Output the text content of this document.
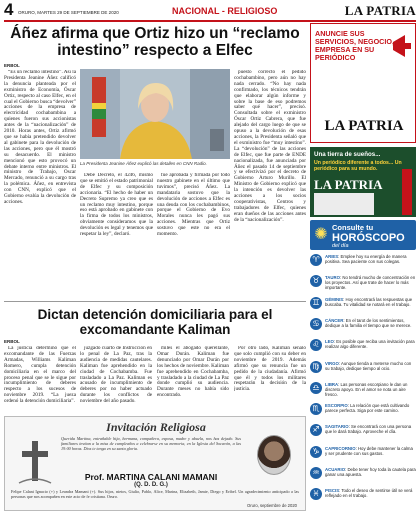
4 ORURO, MARTES 29 DE SEPTIEMBRE DE 2020	NACIONAL - RELIGIOSO	LA PATRIA
Áñez afirma que Ortiz hizo un “reclamo intestino” respecto a Elfec
ERBOL

“Es un reclamo intestino”. Así la Presidenta Jeanine Áñez calificó la denuncia planteada por el exministro de Economía, Óscar Ortiz, respecto al caso Elfec, en el cual el Gobierno busca “devolver” acciones de la empresa de electricidad cochabambina a quienes fueron sus accionistas antes de la “nacionalización” de 2010. Horas antes, Ortiz afirmó que se había pretendido devolver al gabinete para la devolución de las acciones, pero que él mostró su desacuerdo. El ministro mencionó que esto provocó un debate interno entre ministros. El ministro de Trabajo, Oscar Mercado, renunció a su cargo tras la polémica. Áñez, en entrevista con CNN, explicó que el Gobierno evalúa la devolución de acciones.

La Presidenta Jeanine Áñez explicó las detalles en CNN Radio.

Debe Decreto, el 4246, mismo que se emitió el estado patrimonial de Elfec y su composición accionaria. “El hecho de haber un Decreto Supremo ya creo que es un reclamo muy intestino, porque eso está aprobado en gabinete con la firma de todos los ministros, obviamente consideramos que la devolución es legal y tenemos que respetar la ley”, declaró.

fue aprobada y firmada por todo nuestro gabinete en el último que tuvimos”, precisó Áñez. La mandataria sostuvo que la devolución de acciones a Elfec es una deuda con los cochabambinos, porque el Gobierno de Evo Morales nunca les pagó sus acciones. Mientras que Ortiz sostuvo que este no era el momento.

puesto correcto el pedido cochabambino, pero aún no hay nada cerrado. “No hay nada confirmado, los técnicos tendrán que elaborar algún informe y sobre la base de eso podremos saber qué hacer”, precisó. Consultada sobre el exministro Óscar Ortiz Cabrera, que fue alejado del cargo luego de que se opuso a la devolución de esas acciones, la Presidenta señaló que el exministro fue “muy intestino”. La “devolución” de las acciones de Elfec, que fue parte de ENDE nacionalizada, fue anunciada por Áñez el pasado 14 de septiembre y se efectivizó por el decreto de Gobierno Arturo Murillo. El Ministro de Gobierno explicó que la intención es devolver las acciones a los socios cooperativistas, Centros y trabajadores de Elfec, quienes eran dueños de las acciones antes de la “nacionalización”.

Dictan detención domiciliaria para el excomandante Kaliman
ERBOL

La justicia determinó que el excomandante de las Fuerzas Armadas, Williams Kaliman Romero, cumpla detención domiciliaria en el marco del proceso penal que se le sigue por incumplimiento de deberes respecto a los sucesos de noviembre 2019. “La jueza ordenó la detención domiciliaria”.

juzgado cuarto de Instrucción en lo penal de La Paz, tras la audiencia de medidas cautelares. Kaliman fue aprehendido en la ciudad de Cochabamba. Fue trasladado a La Paz. Kaliman es acusado de incumplimiento de deberes por no haber actuado durante los conflictos de noviembre del año pasado.

miles el abogado querellante, Omar Durán. Kaliman fue denunciado por Omar Durán por los hechos de noviembre. Kaliman fue aprehendido en Cochabamba, y trasladado a la ciudad de La Paz donde cumplió su audiencia. Durante meses no había sido encontrado.

Por otro lado, Kaliman señaló que solo cumplió con su deber en noviembre de 2019. Además afirmó que su renuncia fue un pedido de la ciudadanía. Afirmó que él y todos los militares respetarán la decisión de la justicia.

Invitación Religiosa
Querida Martina, entrañable hija, hermana, compañera, esposa, madre y abuela, nos has dejado. Sus familiares invitan a la misa de cumpleaños a celebrarse en su memoria, en la Iglesia del Socavón, a las 19:00 horas. Dios te tenga en su santa gloria.
Prof. MARTINA CALANI MAMANI
(Q. D. D. G.)
Felipe Calani Ignacio (+) y Leandra Mamani (+). Sus hijos, nietos, Giulio, Pablo, Alice, Marina, Elizabeth, Jamie, Diego y Eribel. Un agradecimiento anticipado a las personas que nos acompañen en este acto de fe cristiana. Oruro.
Oruro, septiembre de 2020
ANUNCIE SUS SERVICIOS, NEGOCIO, EMPRESA EN SU PERIÓDICO
LA PATRIA
Una tierra de sueños...
Un periódico diferente a todos... Un periódico para su mundo.
LA PATRIA
✺ Consulte tu
HORÓSCOPO
del día
♈	ARIES: Emplee hoy su energía de manera positiva. Sea paciente con sus colegas.
♉	TAURO: No tendrá mucho de concentración en los proyectos. Así que trate de hacer lo más importante.
♊	GÉMINIS: Hoy encontrará las respuestas que buscaba. Tu vitalidad se notará en el trabajo.
♋	CÁNCER: En el tarot de los sentimientos, dedique a la familia el tiempo que se merece.
♌	LEO: Es posible que reciba una invitación para realizar algo diferente.
♍	VIRGO: Aunque tienda a meterse mucho con su trabajo, dedique tiempo al ocio.
♎	LIBRA: Las personas escorpiano le dan un discreto apoyo. En el amor se nota un aire fresco.
♏	ESCORPIO: La relación que está cultivando parece perfecta. Siga por este camino.
♐	SAGITARIO: Se encontrará con una persona que le dará trabajo. Aproveche el día.
♑	CAPRICORNIO: Hoy debe mantener la calma y ser prudente con sus gastos.
♒	ACUARIO: Debe tener hoy toda la cautela para ganar una apuesta.
♓	PISCIS: Todo el deseo de sentirse útil se verá reflejado en el trabajo.
